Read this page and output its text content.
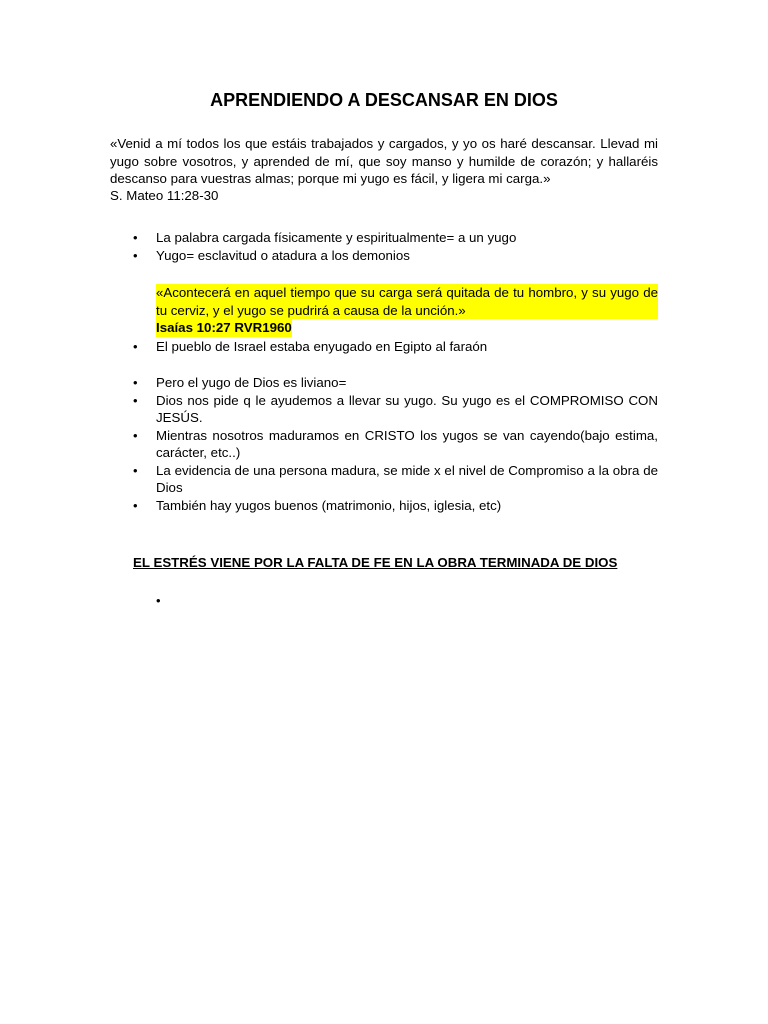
APRENDIENDO A DESCANSAR EN DIOS

«Venid a mí todos los que estáis trabajados y cargados, y yo os haré descansar. Llevad mi yugo sobre vosotros, y aprended de mí, que soy manso y humilde de corazón; y hallaréis descanso para vuestras almas; porque mi yugo es fácil, y ligera mi carga.»

S. Mateo 11:28-30

• La palabra cargada físicamente y espiritualmente= a un yugo
• Yugo= esclavitud o atadura a los demonios

«Acontecerá en aquel tiempo que su carga será quitada de tu hombro, y su yugo de tu cerviz, y el yugo se pudrirá a causa de la unción.»

Isaías 10:27 RVR1960

• El pueblo de Israel estaba enyugado en Egipto al faraón
• Pero el yugo de Dios es liviano=
• Dios nos pide q le ayudemos a llevar su yugo. Su yugo es el COMPROMISO CON JESÚS.
• Mientras nosotros maduramos en CRISTO los yugos se van cayendo(bajo estima, carácter, etc..)
• La evidencia de una persona madura, se mide x el nivel de Compromiso a la obra de Dios
• También hay yugos buenos (matrimonio, hijos, iglesia, etc)

EL ESTRÉS VIENE POR LA FALTA DE FE EN LA OBRA TERMINADA DE DIOS

•
